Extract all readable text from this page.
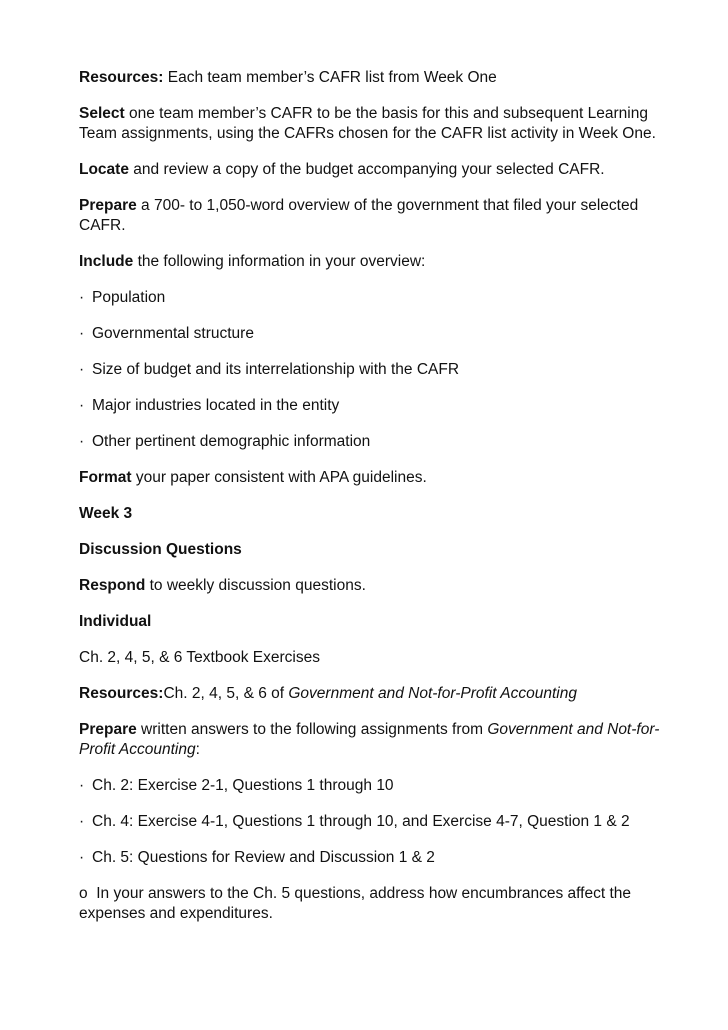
Resources: Each team member’s CAFR list from Week One

Select one team member’s CAFR to be the basis for this and subsequent Learning Team assignments, using the CAFRs chosen for the CAFR list activity in Week One.

Locate and review a copy of the budget accompanying your selected CAFR.

Prepare a 700- to 1,050-word overview of the government that filed your selected CAFR.

Include the following information in your overview:

· Population

· Governmental structure

· Size of budget and its interrelationship with the CAFR

· Major industries located in the entity

· Other pertinent demographic information

Format your paper consistent with APA guidelines.

Week 3

Discussion Questions

Respond to weekly discussion questions.

Individual

Ch. 2, 4, 5, & 6 Textbook Exercises

Resources:Ch. 2, 4, 5, & 6 of Government and Not-for-Profit Accounting

Prepare written answers to the following assignments from Government and Not-for-Profit Accounting:

· Ch. 2: Exercise 2-1, Questions 1 through 10

· Ch. 4: Exercise 4-1, Questions 1 through 10, and Exercise 4-7, Question 1 & 2

· Ch. 5: Questions for Review and Discussion 1 & 2

o In your answers to the Ch. 5 questions, address how encumbrances affect the expenses and expenditures.
